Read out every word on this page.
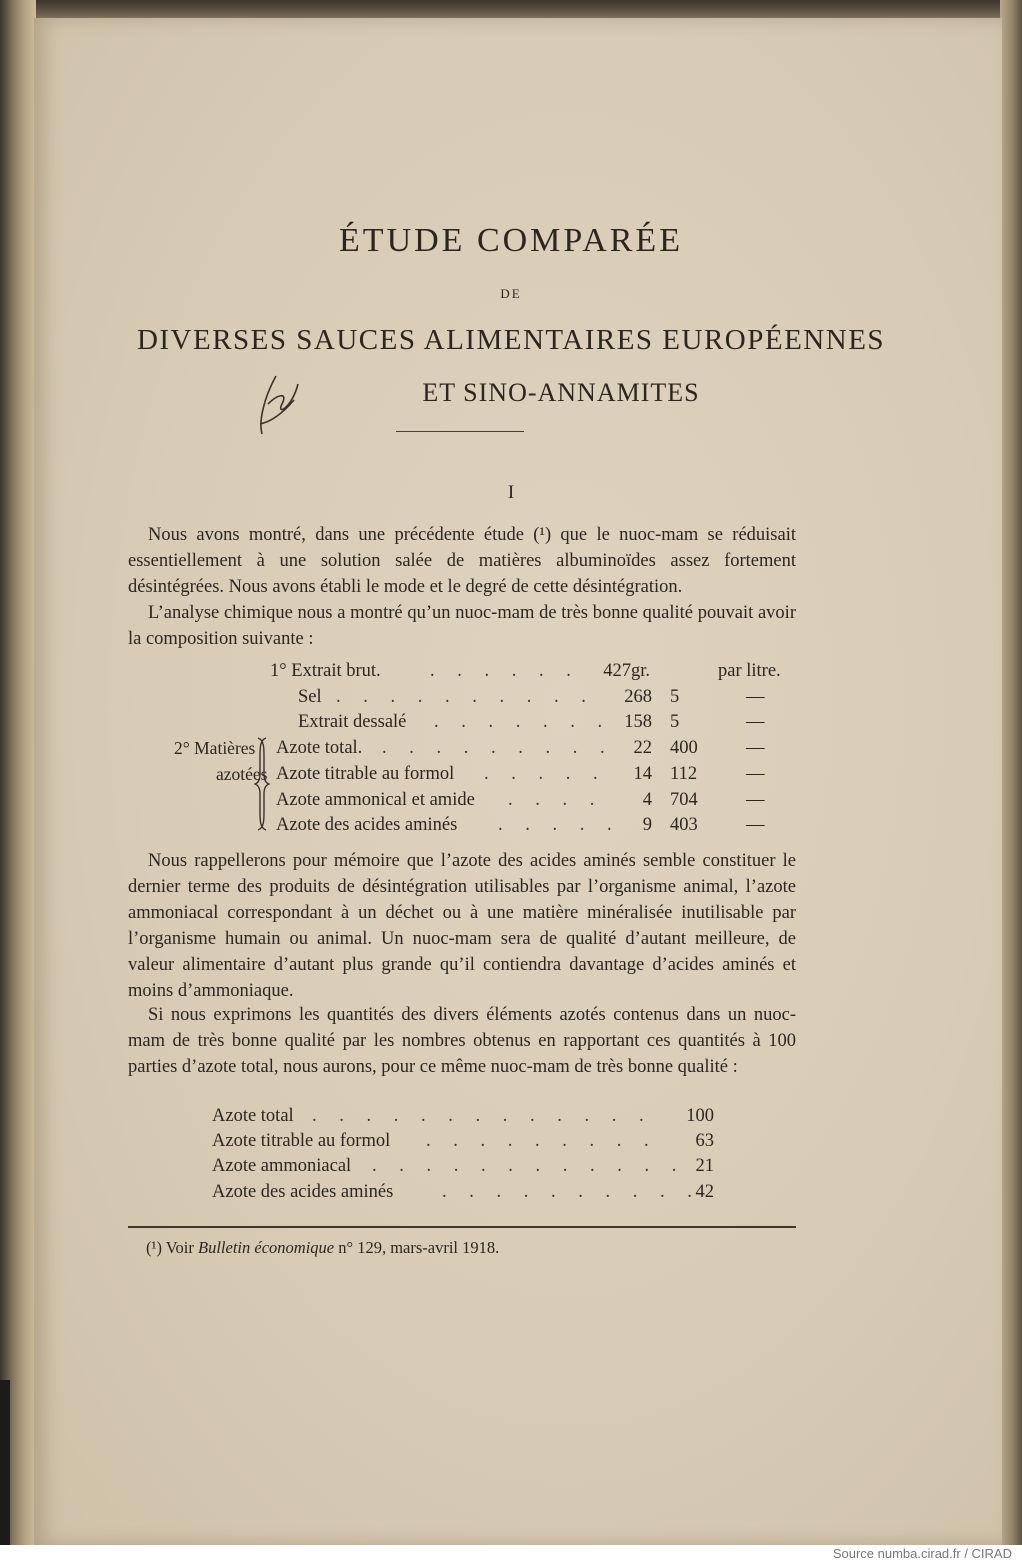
ÉTUDE COMPARÉE
DE
DIVERSES SAUCES ALIMENTAIRES EUROPÉENNES
ET SINO-ANNAMITES
I

Nous avons montré, dans une précédente étude (¹) que le nuoc-mam se réduisait essentiellement à une solution salée de matières albuminoïdes assez fortement désintégrées. Nous avons établi le mode et le degré de cette désintégration.

L’analyse chimique nous a montré qu’un nuoc-mam de très bonne qualité pouvait avoir la composition suivante :

2° Matières
azotées
1° Extrait brut.	. . . . . .
Sel . . . . . . . . . .
Extrait dessalé . . . . . . .
Azote total. . . . . . . . . .
Azote titrable au formol . . . . .
Azote ammonical et amide . . . .
Azote des acides aminés . . . . .
427gr.
268
158
22
14
4
9
5
5
400
112
704
403
par litre.
—
—
—
—
—
—

Nous rappellerons pour mémoire que l’azote des acides aminés semble constituer le dernier terme des produits de désintégration utilisables par l’organisme animal, l’azote ammoniacal correspondant à un déchet ou à une matière minéralisée inutilisable par l’organisme humain ou animal. Un nuoc-mam sera de qualité d’autant meilleure, de valeur alimentaire d’autant plus grande qu’il contiendra davantage d’acides aminés et moins d’ammoniaque.

Si nous exprimons les quantités des divers éléments azotés contenus dans un nuoc-mam de très bonne qualité par les nombres obtenus en rapportant ces quantités à 100 parties d’azote total, nous aurons, pour ce même nuoc-mam de très bonne qualité :

Azote total . . . . . . . . . . . . .
Azote titrable au formol . . . . . . . . .
Azote ammoniacal . . . . . . . . . . . .
Azote des acides aminés	. . . . . . . . . .
100
63
21
42
(¹) Voir Bulletin économique n° 129, mars-avril 1918.
Source numba.cirad.fr / CIRAD
